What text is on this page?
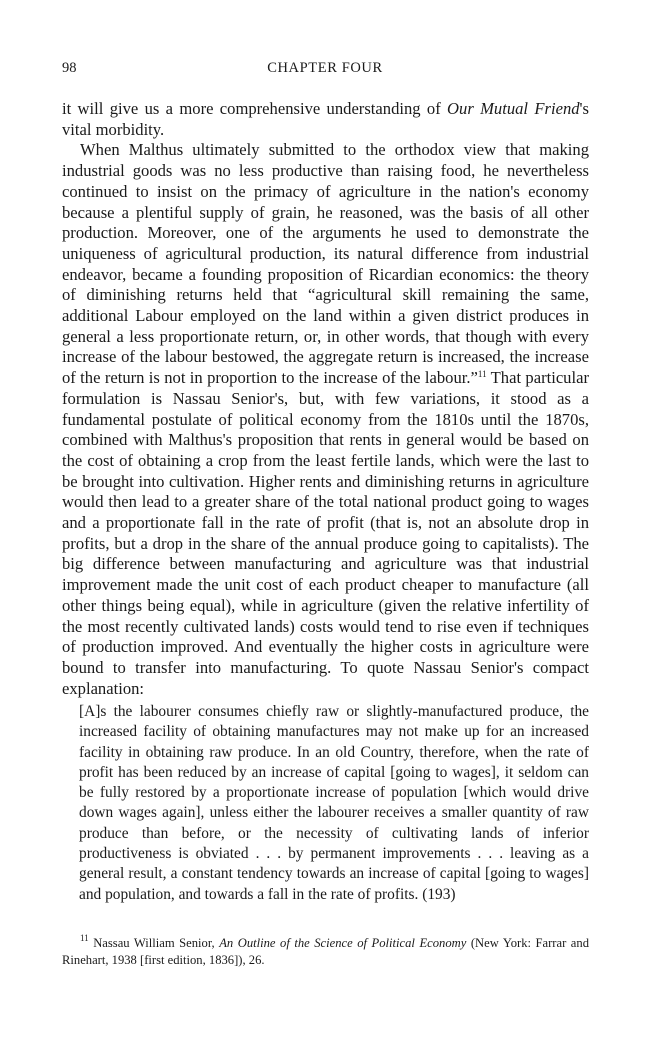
98	CHAPTER FOUR

it will give us a more comprehensive understanding of Our Mutual Friend's vital morbidity.

When Malthus ultimately submitted to the orthodox view that making industrial goods was no less productive than raising food, he nevertheless continued to insist on the primacy of agriculture in the nation's economy because a plentiful supply of grain, he reasoned, was the basis of all other production. Moreover, one of the arguments he used to demonstrate the uniqueness of agricultural production, its natural difference from industrial endeavor, became a founding proposition of Ricardian economics: the theory of diminishing returns held that “agricultural skill remaining the same, additional Labour employed on the land within a given district produces in general a less proportionate return, or, in other words, that though with every increase of the labour bestowed, the aggregate return is increased, the increase of the return is not in proportion to the increase of the labour.”$^{11}$ That particular formulation is Nassau Senior's, but, with few variations, it stood as a fundamental postulate of political economy from the 1810s until the 1870s, combined with Malthus's proposition that rents in general would be based on the cost of obtaining a crop from the least fertile lands, which were the last to be brought into cultivation. Higher rents and diminishing returns in agriculture would then lead to a greater share of the total national product going to wages and a proportionate fall in the rate of profit (that is, not an absolute drop in profits, but a drop in the share of the annual produce going to capitalists). The big difference between manufacturing and agriculture was that industrial improvement made the unit cost of each product cheaper to manufacture (all other things being equal), while in agriculture (given the relative infertility of the most recently cultivated lands) costs would tend to rise even if techniques of production improved. And eventually the higher costs in agriculture were bound to transfer into manufacturing. To quote Nassau Senior's compact explanation:

[A]s the labourer consumes chiefly raw or slightly-manufactured produce, the increased facility of obtaining manufactures may not make up for an increased facility in obtaining raw produce. In an old Country, therefore, when the rate of profit has been reduced by an increase of capital [going to wages], it seldom can be fully restored by a proportionate increase of population [which would drive down wages again], unless either the labourer receives a smaller quantity of raw produce than before, or the necessity of cultivating lands of inferior productiveness is obviated . . . by permanent improvements . . . leaving as a general result, a constant tendency towards an increase of capital [going to wages] and population, and towards a fall in the rate of profits. (193)
$^{11}$ Nassau William Senior, An Outline of the Science of Political Economy (New York: Farrar and Rinehart, 1938 [first edition, 1836]), 26.
